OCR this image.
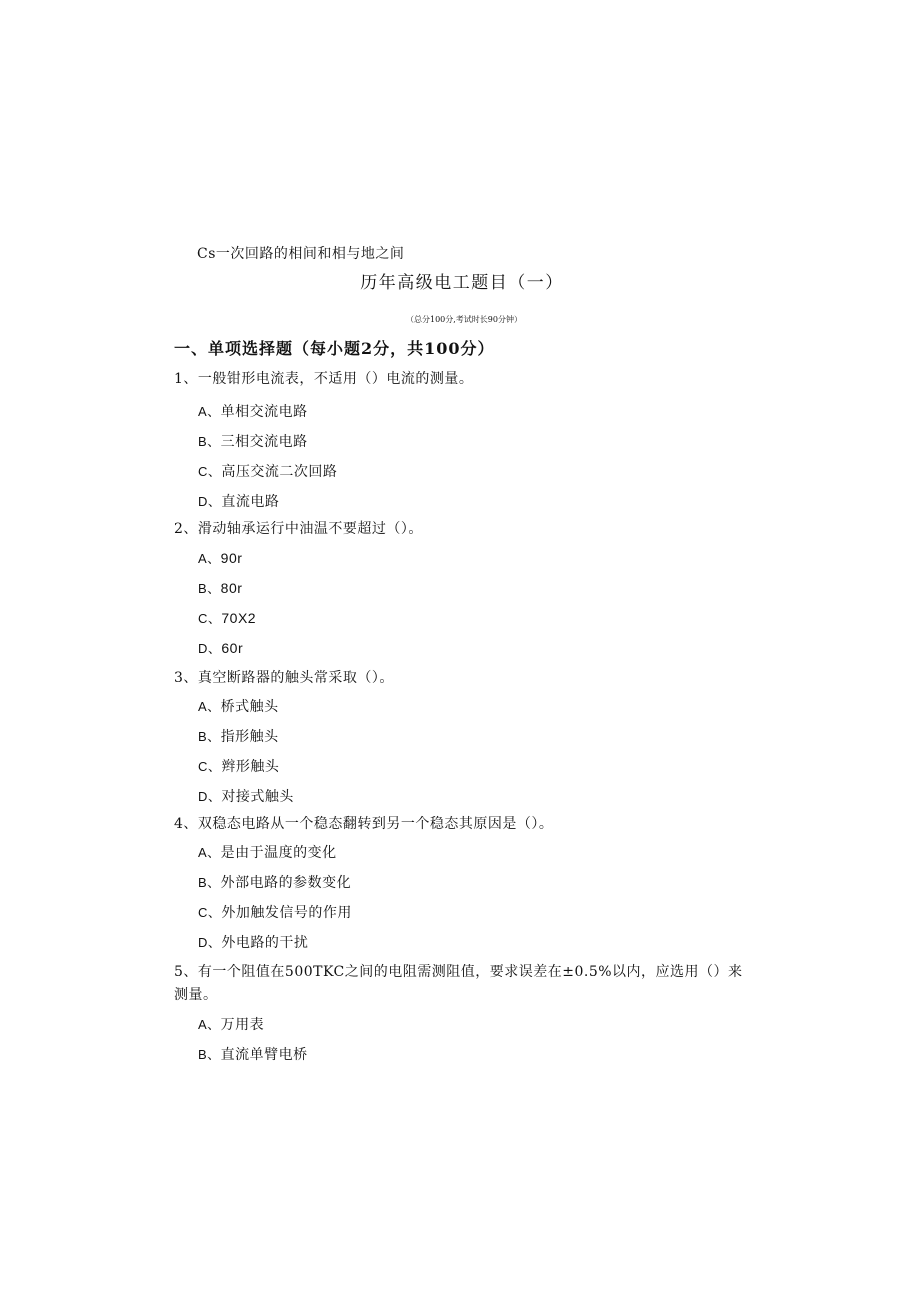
Cs一次回路的相间和相与地之间
历年高级电工题目（一）
（总分100分,考试时长90分钟）
一、单项选择题（每小题2分，共100分）
1、一般钳形电流表，不适用（）电流的测量。
A、单相交流电路
B、三相交流电路
C、高压交流二次回路
D、直流电路
2、滑动轴承运行中油温不要超过（）。
A、90r
B、80r
C、70X2
D、60r
3、真空断路器的触头常采取（）。
A、桥式触头
B、指形触头
C、辫形触头
D、对接式触头
4、双稳态电路从一个稳态翻转到另一个稳态其原因是（）。
A、是由于温度的变化
B、外部电路的参数变化
C、外加触发信号的作用
D、外电路的干扰
5、有一个阻值在500TKC之间的电阻需测阻值，要求误差在±0.5%以内，应选用（）来测量。
A、万用表
B、直流单臂电桥
